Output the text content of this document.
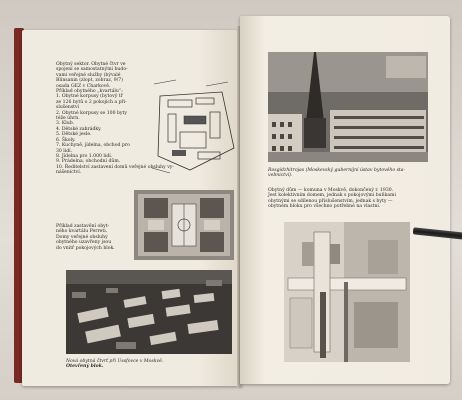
Obytný sektor. Obytné čtvr ve
spojení se samostatnými budo-
vami veřejné služby (bývalé
Blinsanin (zlopt, zobraz, 9/7)
osada GEZ v Charkově.
Příklad obytného „kvartálu“:
1. Obytné korpusy (bytový tř
ze 126 bytů o 2 pokojích a při-
slušenství
2. Obytné korpusy se 100 byty
téže úhrn.
3. Klub.
4. Dětské zahrádky.
5. Dětské jesle.
6. Školy.
7. Kuchyně, jídelna, obchod pro
30 lidí.
8. Jídelna pro 1.000 lidí.
9. Prádelna, obchodní dům.
10. Ředitelství zastavení domů veřejné obsluhy vy-
nášenictví.
Příklad zastavění obyt-
ného kvartálu Perreti.
Domy veřejné obsluhy
obytného uzavřeny jsou
do vnitř pokojových blok.
Nová obytná čtvrť při Ussfovce v Moskvě.
Otevřený blok.
Rosgidzhitrojas (Moskevský gubernijní ústav bytového sta-
vebnictví).
Obytný dům — komuna v Moskvě, dokončený r. 1930.
Jest kolektivním domem, jednak s pokojovými buňkami
obytnými se sdílenou příslušenstvím, jednak s byty —
obytném bloku pro všechno potřebné na vlastní.
